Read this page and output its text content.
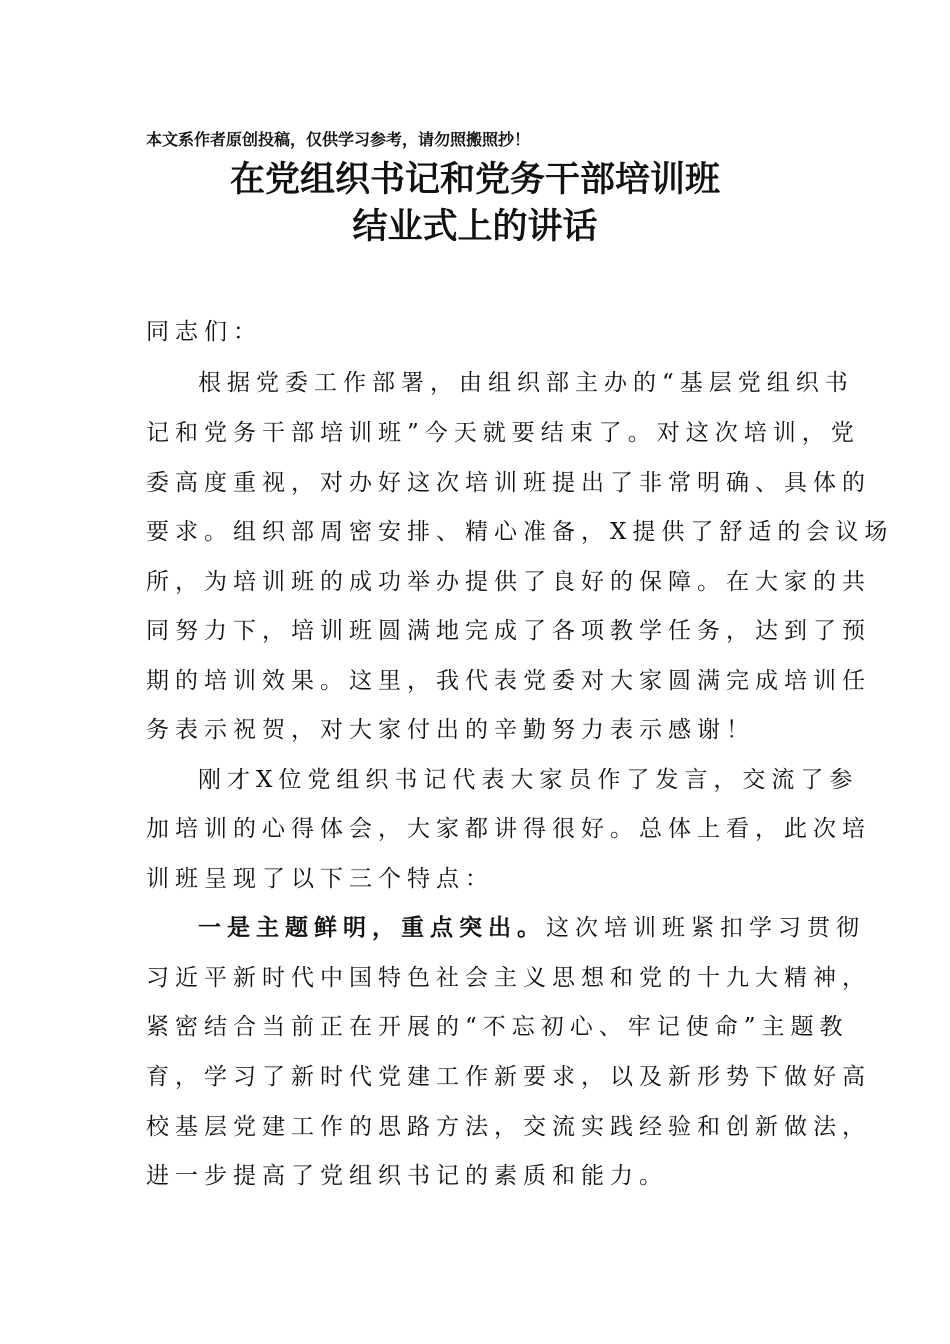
本文系作者原创投稿，仅供学习参考，请勿照搬照抄！
在党组织书记和党务干部培训班
结业式上的讲话
同志们：
根据党委工作部署，由组织部主办的“基层党组织书
记和党务干部培训班”今天就要结束了。对这次培训，党
委高度重视，对办好这次培训班提出了非常明确、具体的
要求。组织部周密安排、精心准备，X提供了舒适的会议场
所，为培训班的成功举办提供了良好的保障。在大家的共
同努力下，培训班圆满地完成了各项教学任务，达到了预
期的培训效果。这里，我代表党委对大家圆满完成培训任
务表示祝贺，对大家付出的辛勤努力表示感谢！
刚才X位党组织书记代表大家员作了发言，交流了参
加培训的心得体会，大家都讲得很好。总体上看，此次培
训班呈现了以下三个特点：
一是主题鲜明，重点突出。这次培训班紧扣学习贯彻
习近平新时代中国特色社会主义思想和党的十九大精神，
紧密结合当前正在开展的“不忘初心、牢记使命”主题教
育，学习了新时代党建工作新要求，以及新形势下做好高
校基层党建工作的思路方法，交流实践经验和创新做法，
进一步提高了党组织书记的素质和能力。
